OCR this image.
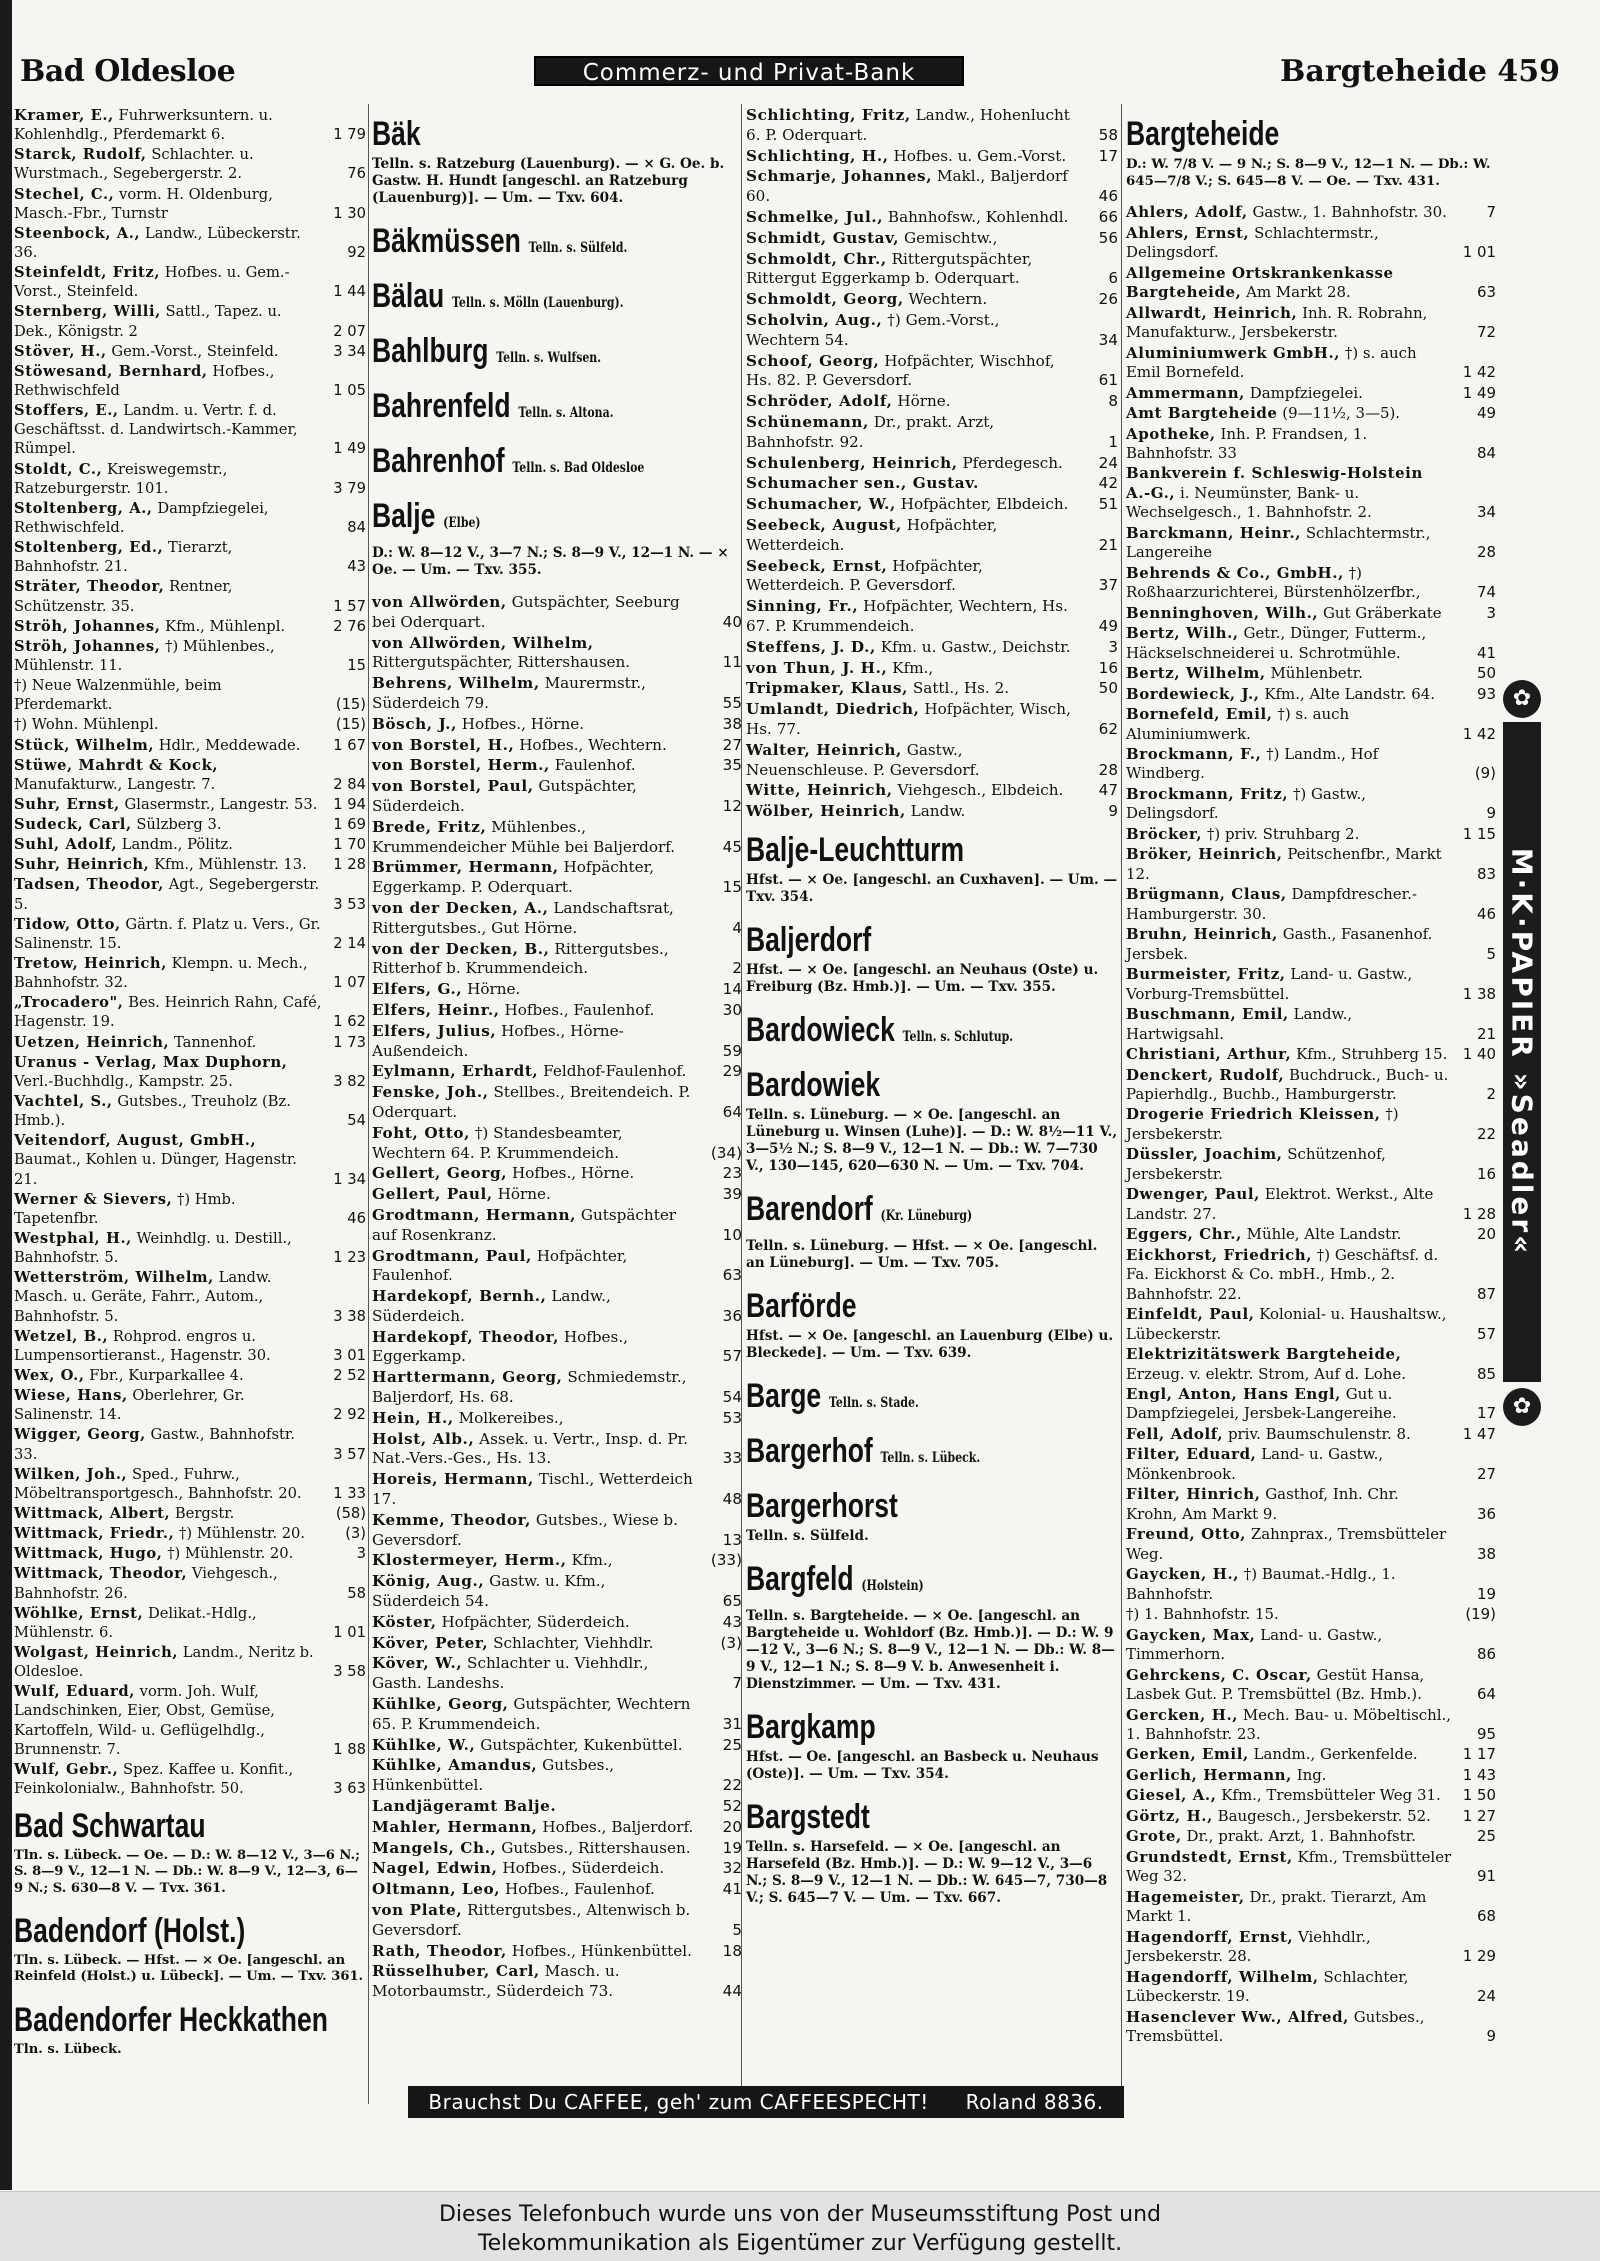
Bad Oldesloe	Commerz- und Privat-Bank	Bargteheide 459
Kramer, E., Fuhrwerksuntern. u. Kohlenhdlg., Pferdemarkt 6.	1 79
Starck, Rudolf, Schlachter. u. Wurstmach., Segebergerstr. 2.	76
Stechel, C., vorm. H. Oldenburg, Masch.-Fbr., Turnstr	1 30
Steenbock, A., Landw., Lübeckerstr. 36.	92
Steinfeldt, Fritz, Hofbes. u. Gem.-Vorst., Steinfeld.	1 44
Sternberg, Willi, Sattl., Tapez. u. Dek., Königstr. 2	2 07
Stöver, H., Gem.-Vorst., Steinfeld.	3 34
Stöwesand, Bernhard, Hofbes., Rethwischfeld	1 05
Stoffers, E., Landm. u. Vertr. f. d. Geschäftsst. d. Landwirtsch.-Kammer, Rümpel.	1 49
Stoldt, C., Kreiswegemstr., Ratzeburgerstr. 101.	3 79
Stoltenberg, A., Dampfziegelei, Rethwischfeld.	84
Stoltenberg, Ed., Tierarzt, Bahnhofstr. 21.	43
Sträter, Theodor, Rentner, Schützenstr. 35.	1 57
Ströh, Johannes, Kfm., Mühlenpl.	2 76
Ströh, Johannes, †) Mühlenbes., Mühlenstr. 11.	15
†) Neue Walzenmühle, beim Pferdemarkt.	(15)
†) Wohn. Mühlenpl.	(15)
Stück, Wilhelm, Hdlr., Meddewade. 1 67
Stüwe, Mahrdt & Kock, Manufakturw., Langestr. 7.	2 84
Suhr, Ernst, Glasermstr., Langestr. 53. 1 94
Sudeck, Carl, Sülzberg 3.	1 69
Suhl, Adolf, Landm., Pölitz.	1 70
Suhr, Heinrich, Kfm., Mühlenstr. 13. 1 28
Tadsen, Theodor, Agt., Segebergerstr. 5.	3 53
Tidow, Otto, Gärtn. f. Platz u. Vers., Gr. Salinenstr. 15.	2 14
Tretow, Heinrich, Klempn. u. Mech., Bahnhofstr. 32.	1 07
„Trocadero", Bes. Heinrich Rahn, Café, Hagenstr. 19.	1 62
Uetzen, Heinrich, Tannenhof.	1 73
Uranus - Verlag, Max Duphorn, Verl.-Buchhdlg., Kampstr. 25.	3 82
Vachtel, S., Gutsbes., Treuholz (Bz. Hmb.).	54
Veitendorf, August, GmbH., Baumat., Kohlen u. Dünger, Hagenstr. 21.	1 34
Werner & Sievers, †) Hmb. Tapetenfbr.	46
Westphal, H., Weinhdlg. u. Destill., Bahnhofstr. 5.	1 23
Wetterström, Wilhelm, Landw. Masch. u. Geräte, Fahrr., Autom., Bahnhofstr. 5.	3 38
Wetzel, B., Rohprod. engros u. Lumpensortieranst., Hagenstr. 30.	3 01
Wex, O., Fbr., Kurparkallee 4.	2 52
Wiese, Hans, Oberlehrer, Gr. Salinenstr. 14.	2 92
Wigger, Georg, Gastw., Bahnhofstr. 33.	3 57
Wilken, Joh., Sped., Fuhrw., Möbeltransportgesch., Bahnhofstr. 20. 1 33
Wittmack, Albert, Bergstr.	(58)
Wittmack, Friedr., †) Mühlenstr. 20.	(3)
Wittmack, Hugo, †) Mühlenstr. 20.	3
Wittmack, Theodor, Viehgesch., Bahnhofstr. 26.	58
Wöhlke, Ernst, Delikat.-Hdlg., Mühlenstr. 6.	1 01
Wolgast, Heinrich, Landm., Neritz b. Oldesloe.	3 58
Wulf, Eduard, vorm. Joh. Wulf, Landschinken, Eier, Obst, Gemüse, Kartoffeln, Wild- u. Geflügelhdlg., Brunnenstr. 7.	1 88
Wulf, Gebr., Spez. Kaffee u. Konfit., Feinkolonialw., Bahnhofstr. 50.	3 63
Bad Schwartau
Tln. s. Lübeck. — Oe. — D.: W. 8—12 V., 3—6 N.; S. 8—9 V., 12—1 N. — Db.: W. 8—9 V., 12—3, 6—9 N.; S. 630—8 V. — Tvx. 361.
Badendorf (Holst.)
Tln. s. Lübeck. — Hfst. — × Oe. [angeschl. an Reinfeld (Holst.) u. Lübeck]. — Um. — Txv. 361.
Badendorfer Heckkathen
Tln. s. Lübeck.
Bäk
Telln. s. Ratzeburg (Lauenburg). — × G. Oe. b. Gastw. H. Hundt [angeschl. an Ratzeburg (Lauenburg)]. — Um. — Txv. 604.
Bäkmüssen Telln. s. Sülfeld.
Bälau Telln. s. Mölln (Lauenburg).
Bahlburg Telln. s. Wulfsen.
Bahrenfeld Telln. s. Altona.
Bahrenhof Telln. s. Bad Oldesloe
Balje (Elbe)
D.: W. 8—12 V., 3—7 N.; S. 8—9 V., 12—1 N. — × Oe. — Um. — Txv. 355.
von Allwörden, Gutspächter, Seeburg bei Oderquart.	40
von Allwörden, Wilhelm, Rittergutspächter, Rittershausen.	11
Behrens, Wilhelm, Maurermstr., Süderdeich 79.	55
Bösch, J., Hofbes., Hörne.	38
von Borstel, H., Hofbes., Wechtern.	27
von Borstel, Herm., Faulenhof.	35
von Borstel, Paul, Gutspächter, Süderdeich.	12
Brede, Fritz, Mühlenbes., Krummendeicher Mühle bei Baljerdorf.	45
Brümmer, Hermann, Hofpächter, Eggerkamp. P. Oderquart.	15
von der Decken, A., Landschaftsrat, Rittergutsbes., Gut Hörne.	4
von der Decken, B., Rittergutsbes., Ritterhof b. Krummendeich.	2
Elfers, G., Hörne.	14
Elfers, Heinr., Hofbes., Faulenhof.	30
Elfers, Julius, Hofbes., Hörne-Außendeich.	59
Eylmann, Erhardt, Feldhof-Faulenhof. 29
Fenske, Joh., Stellbes., Breitendeich. P. Oderquart.	64
Foht, Otto, †) Standesbeamter, Wechtern 64. P. Krummendeich.	(34)
Gellert, Georg, Hofbes., Hörne.	23
Gellert, Paul, Hörne.	39
Grodtmann, Hermann, Gutspächter auf Rosenkranz.	10
Grodtmann, Paul, Hofpächter, Faulenhof.	63
Hardekopf, Bernh., Landw., Süderdeich.	36
Hardekopf, Theodor, Hofbes., Eggerkamp.	57
Harttermann, Georg, Schmiedemstr., Baljerdorf, Hs. 68.	54
Hein, H., Molkereibes.,	53
Holst, Alb., Assek. u. Vertr., Insp. d. Pr. Nat.-Vers.-Ges., Hs. 13.	33
Horeis, Hermann, Tischl., Wetterdeich 17.	48
Kemme, Theodor, Gutsbes., Wiese b. Geversdorf.	13
Klostermeyer, Herm., Kfm.,	(33)
König, Aug., Gastw. u. Kfm., Süderdeich 54.	65
Köster, Hofpächter, Süderdeich.	43
Köver, Peter, Schlachter, Viehhdlr.	(3)
Köver, W., Schlachter u. Viehhdlr., Gasth. Landeshs.	7
Kühlke, Georg, Gutspächter, Wechtern 65. P. Krummendeich.	31
Kühlke, W., Gutspächter, Kukenbüttel.	25
Kühlke, Amandus, Gutsbes., Hünkenbüttel.	22
Landjägeramt Balje.	52
Mahler, Hermann, Hofbes., Baljerdorf. 20
Mangels, Ch., Gutsbes., Rittershausen. 19
Nagel, Edwin, Hofbes., Süderdeich.	32
Oltmann, Leo, Hofbes., Faulenhof.	41
von Plate, Rittergutsbes., Altenwisch b. Geversdorf.	5
Rath, Theodor, Hofbes., Hünkenbüttel. 18
Rüsselhuber, Carl, Masch. u. Motorbaumstr., Süderdeich 73.	44
Schlichting, Fritz, Landw., Hohenlucht 6. P. Oderquart.	58
Schlichting, H., Hofbes. u. Gem.-Vorst. 17
Schmarje, Johannes, Makl., Baljerdorf 60.	46
Schmelke, Jul., Bahnhofsw., Kohlenhdl. 66
Schmidt, Gustav, Gemischtw.,	56
Schmoldt, Chr., Rittergutspächter, Rittergut Eggerkamp b. Oderquart.	6
Schmoldt, Georg, Wechtern.	26
Scholvin, Aug., †) Gem.-Vorst., Wechtern 54.	34
Schoof, Georg, Hofpächter, Wischhof, Hs. 82. P. Geversdorf.	61
Schröder, Adolf, Hörne.	8
Schünemann, Dr., prakt. Arzt, Bahnhofstr. 92.	1
Schulenberg, Heinrich, Pferdegesch. 24
Schumacher sen., Gustav.	42
Schumacher, W., Hofpächter, Elbdeich. 51
Seebeck, August, Hofpächter, Wetterdeich.	21
Seebeck, Ernst, Hofpächter, Wetterdeich. P. Geversdorf.	37
Sinning, Fr., Hofpächter, Wechtern, Hs. 67. P. Krummendeich.	49
Steffens, J. D., Kfm. u. Gastw., Deichstr. 3
von Thun, J. H., Kfm.,	16
Tripmaker, Klaus, Sattl., Hs. 2.	50
Umlandt, Diedrich, Hofpächter, Wisch, Hs. 77.	62
Walter, Heinrich, Gastw., Neuenschleuse. P. Geversdorf.	28
Witte, Heinrich, Viehgesch., Elbdeich. 47
Wölber, Heinrich, Landw.	9
Balje-Leuchtturm
Hfst. — × Oe. [angeschl. an Cuxhaven]. — Um. — Txv. 354.
Baljerdorf
Hfst. — × Oe. [angeschl. an Neuhaus (Oste) u. Freiburg (Bz. Hmb.)]. — Um. — Txv. 355.
Bardowieck Telln. s. Schlutup.
Bardowiek
Telln. s. Lüneburg. — × Oe. [angeschl. an Lüneburg u. Winsen (Luhe)]. — D.: W. 8½—11 V., 3—5½ N.; S. 8—9 V., 12—1 N. — Db.: W. 7—730 V., 130—145, 620—630 N. — Um. — Txv. 704.
Barendorf (Kr. Lüneburg)
Telln. s. Lüneburg. — Hfst. — × Oe. [angeschl. an Lüneburg]. — Um. — Txv. 705.
Barförde
Hfst. — × Oe. [angeschl. an Lauenburg (Elbe) u. Bleckede]. — Um. — Txv. 639.
Barge Telln. s. Stade.
Bargerhof Telln. s. Lübeck.
Bargerhorst
Telln. s. Sülfeld.
Bargfeld (Holstein)
Telln. s. Bargteheide. — × Oe. [angeschl. an Bargteheide u. Wohldorf (Bz. Hmb.)]. — D.: W. 9—12 V., 3—6 N.; S. 8—9 V., 12—1 N. — Db.: W. 8—9 V., 12—1 N.; S. 8—9 V. b. Anwesenheit i. Dienstzimmer. — Um. — Txv. 431.
Bargkamp
Hfst. — Oe. [angeschl. an Basbeck u. Neuhaus (Oste)]. — Um. — Txv. 354.
Bargstedt
Telln. s. Harsefeld. — × Oe. [angeschl. an Harsefeld (Bz. Hmb.)]. — D.: W. 9—12 V., 3—6 N.; S. 8—9 V., 12—1 N. — Db.: W. 645—7, 730—8 V.; S. 645—7 V. — Um. — Txv. 667.
Bargteheide
D.: W. 7/8 V. — 9 N.; S. 8—9 V., 12—1 N. — Db.: W. 645—7/8 V.; S. 645—8 V. — Oe. — Txv. 431.
Ahlers, Adolf, Gastw., 1. Bahnhofstr. 30.	7
Ahlers, Ernst, Schlachtermstr., Delingsdorf.	1 01
Allgemeine Ortskrankenkasse Bargteheide, Am Markt 28.	63
Allwardt, Heinrich, Inh. R. Robrahn, Manufakturw., Jersbekerstr.	72
Aluminiumwerk GmbH., †) s. auch Emil Bornefeld.	1 42
Ammermann, Dampfziegelei.	1 49
Amt Bargteheide (9—11½, 3—5).	49
Apotheke, Inh. P. Frandsen, 1. Bahnhofstr. 33	84
Bankverein f. Schleswig-Holstein A.-G., i. Neumünster, Bank- u. Wechselgesch., 1. Bahnhofstr. 2.	34
Barckmann, Heinr., Schlachtermstr., Langereihe	28
Behrends & Co., GmbH., †) Roßhaarzurichterei, Bürstenhölzerfbr.,	74
Benninghoven, Wilh., Gut Gräberkate	3
Bertz, Wilh., Getr., Dünger, Futterm., Häckselschneiderei u. Schrotmühle.	41
Bertz, Wilhelm, Mühlenbetr.	50
Bordewieck, J., Kfm., Alte Landstr. 64.	93
Bornefeld, Emil, †) s. auch Aluminiumwerk.	1 42
Brockmann, F., †) Landm., Hof Windberg.	(9)
Brockmann, Fritz, †) Gastw., Delingsdorf.	9
Bröcker, †) priv. Struhbarg 2.	1 15
Bröker, Heinrich, Peitschenfbr., Markt 12.	83
Brügmann, Claus, Dampfdrescher.-Hamburgerstr. 30.	46
Bruhn, Heinrich, Gasth., Fasanenhof. Jersbek.	5
Burmeister, Fritz, Land- u. Gastw., Vorburg-Tremsbüttel.	1 38
Buschmann, Emil, Landw., Hartwigsahl.	21
Christiani, Arthur, Kfm., Struhberg 15. 1 40
Denckert, Rudolf, Buchdruck., Buch- u. Papierhdlg., Buchb., Hamburgerstr.	2
Drogerie Friedrich Kleissen, †) Jersbekerstr.	22
Düssler, Joachim, Schützenhof, Jersbekerstr.	16
Dwenger, Paul, Elektrot. Werkst., Alte Landstr. 27.	1 28
Eggers, Chr., Mühle, Alte Landstr.	20
Eickhorst, Friedrich, †) Geschäftsf. d. Fa. Eickhorst & Co. mbH., Hmb., 2. Bahnhofstr. 22.	87
Einfeldt, Paul, Kolonial- u. Haushaltsw., Lübeckerstr.	57
Elektrizitätswerk Bargteheide, Erzeug. v. elektr. Strom, Auf d. Lohe.	85
Engl, Anton, Hans Engl, Gut u. Dampfziegelei, Jersbek-Langereihe.	17
Fell, Adolf, priv. Baumschulenstr. 8.	1 47
Filter, Eduard, Land- u. Gastw., Mönkenbrook.	27
Filter, Hinrich, Gasthof, Inh. Chr. Krohn, Am Markt 9.	36
Freund, Otto, Zahnprax., Tremsbütteler Weg.	38
Gaycken, H., †) Baumat.-Hdlg., 1. Bahnhofstr.	19
†) 1. Bahnhofstr. 15.	(19)
Gaycken, Max, Land- u. Gastw., Timmerhorn.	86
Gehrckens, C. Oscar, Gestüt Hansa, Lasbek Gut. P. Tremsbüttel (Bz. Hmb.).	64
Gercken, H., Mech. Bau- u. Möbeltischl., 1. Bahnhofstr. 23.	95
Gerken, Emil, Landm., Gerkenfelde.	1 17
Gerlich, Hermann, Ing.	1 43
Giesel, A., Kfm., Tremsbütteler Weg 31. 1 50
Görtz, H., Baugesch., Jersbekerstr. 52. 1 27
Grote, Dr., prakt. Arzt, 1. Bahnhofstr.	25
Grundstedt, Ernst, Kfm., Tremsbütteler Weg 32.	91
Hagemeister, Dr., prakt. Tierarzt, Am Markt 1.	68
Hagendorff, Ernst, Viehhdlr., Jersbekerstr. 28.	1 29
Hagendorff, Wilhelm, Schlachter, Lübeckerstr. 19.	24
Hasenclever Ww., Alfred, Gutsbes., Tremsbüttel.	9
✿
M·K·PAPIER »Seadler«
✿
Brauchst Du CAFFEE, geh' zum CAFFEESPECHT! Roland 8836.
Dieses Telefonbuch wurde uns von der Museumsstiftung Post und
Telekommunikation als Eigentümer zur Verfügung gestellt.
